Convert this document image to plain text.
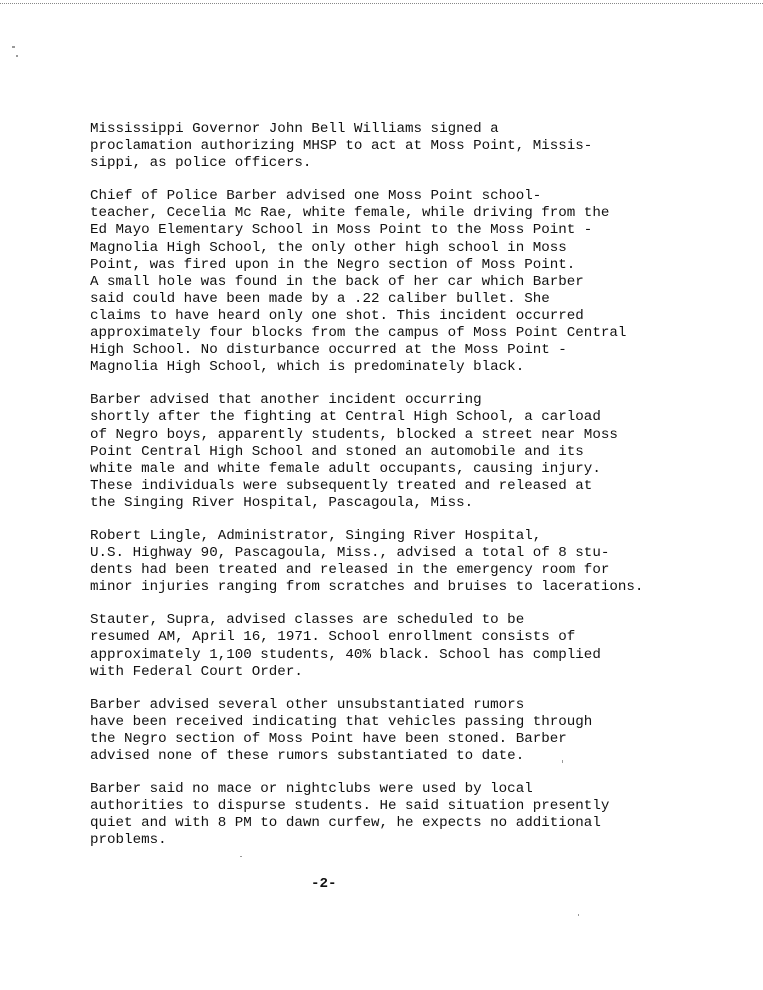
Mississippi Governor John Bell Williams signed a
proclamation authorizing MHSP to act at Moss Point, Missis-
sippi, as police officers.

Chief of Police Barber advised one Moss Point school-
teacher, Cecelia Mc Rae, white female, while driving from the
Ed Mayo Elementary School in Moss Point to the Moss Point -
Magnolia High School, the only other high school in Moss
Point, was fired upon in the Negro section of Moss Point.
A small hole was found in the back of her car which Barber
said could have been made by a .22 caliber bullet. She
claims to have heard only one shot. This incident occurred
approximately four blocks from the campus of Moss Point Central
High School. No disturbance occurred at the Moss Point -
Magnolia High School, which is predominately black.

Barber advised that another incident occurring
shortly after the fighting at Central High School, a carload
of Negro boys, apparently students, blocked a street near Moss
Point Central High School and stoned an automobile and its
white male and white female adult occupants, causing injury.
These individuals were subsequently treated and released at
the Singing River Hospital, Pascagoula, Miss.

Robert Lingle, Administrator, Singing River Hospital,
U.S. Highway 90, Pascagoula, Miss., advised a total of 8 stu-
dents had been treated and released in the emergency room for
minor injuries ranging from scratches and bruises to lacerations.

Stauter, Supra, advised classes are scheduled to be
resumed AM, April 16, 1971. School enrollment consists of
approximately 1,100 students, 40% black. School has complied
with Federal Court Order.

Barber advised several other unsubstantiated rumors
have been received indicating that vehicles passing through
the Negro section of Moss Point have been stoned. Barber
advised none of these rumors substantiated to date.

Barber said no mace or nightclubs were used by local
authorities to dispurse students. He said situation presently
quiet and with 8 PM to dawn curfew, he expects no additional
problems.

-2-
